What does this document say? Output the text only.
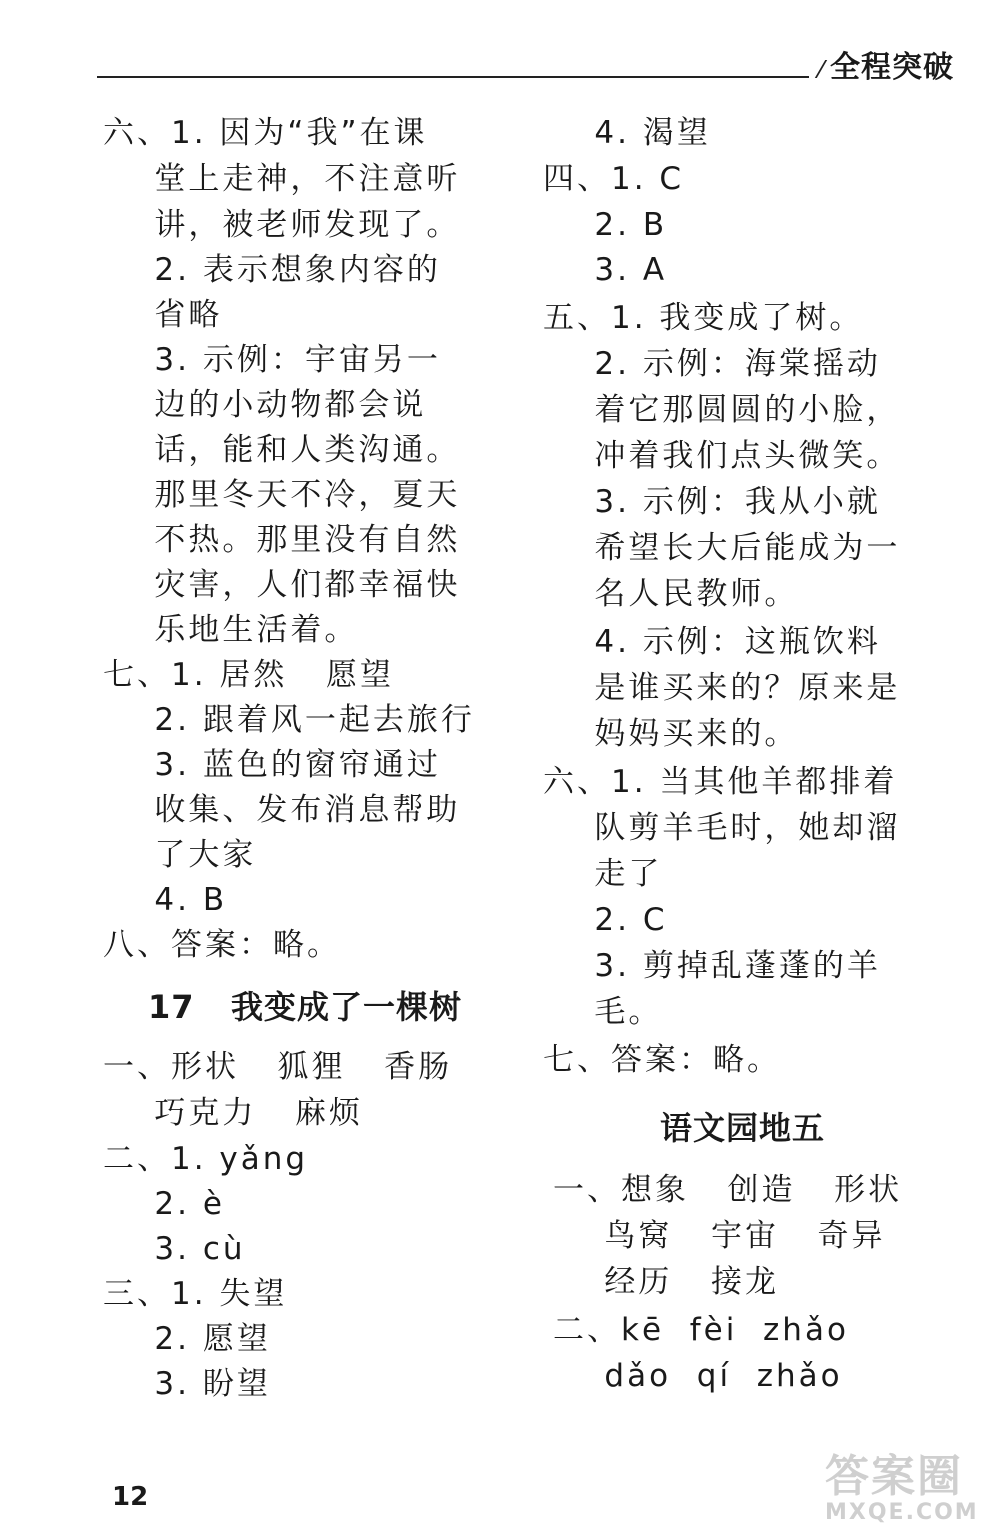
全程突破
六、1. 因为“我”在课
堂上走神，不注意听
讲，被老师发现了。
2. 表示想象内容的
省略
3. 示例：宇宙另一
边的小动物都会说
话，能和人类沟通。
那里冬天不冷，夏天
不热。那里没有自然
灾害，人们都幸福快
乐地生活着。
七、1. 居然   愿望
2. 跟着风一起去旅行
3. 蓝色的窗帘通过
收集、发布消息帮助
了大家
4. B
八、答案：略。
17   我变成了一棵树
一、形状   狐狸   香肠
巧克力   麻烦
二、1. yǎng
2. è
3. cù
三、1. 失望
2. 愿望
3. 盼望
4. 渴望
四、1. C
2. B
3. A
五、1. 我变成了树。
2. 示例：海棠摇动
着它那圆圆的小脸，
冲着我们点头微笑。
3. 示例：我从小就
希望长大后能成为一
名人民教师。
4. 示例：这瓶饮料
是谁买来的？原来是
妈妈买来的。
六、1. 当其他羊都排着
队剪羊毛时，她却溜
走了
2. C
3. 剪掉乱蓬蓬的羊
毛。
七、答案：略。
语文园地五
一、想象   创造   形状
鸟窝   宇宙   奇异
经历   接龙
二、kē  fèi  zhǎo
dǎo  qí  zhǎo
12	答案圈
MXQE.COM
